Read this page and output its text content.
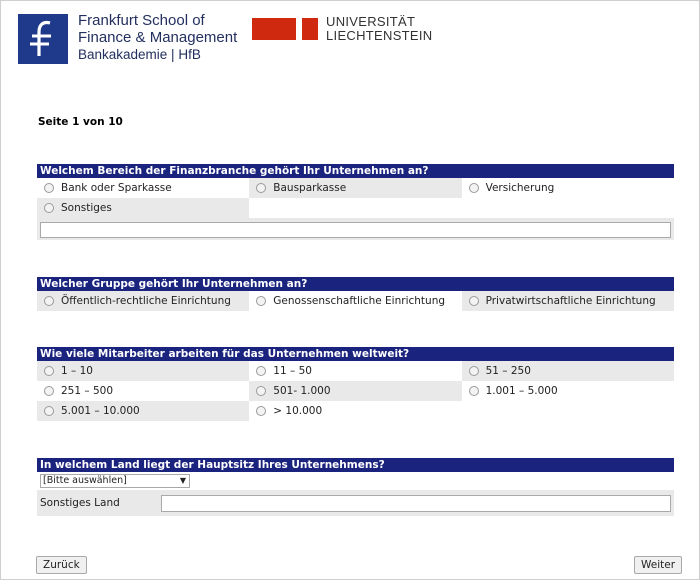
Frankfurt School of
Finance & Management
Bankakademie | HfB
UNIVERSITÄT
LIECHTENSTEIN
Seite 1 von 10
Welchem Bereich der Finanzbranche gehört Ihr Unternehmen an?
Bank oder Sparkasse	Bausparkasse	Versicherung
Sonstiges
Welcher Gruppe gehört Ihr Unternehmen an?
Öffentlich-rechtliche Einrichtung	Genossenschaftliche Einrichtung	Privatwirtschaftliche Einrichtung
Wie viele Mitarbeiter arbeiten für das Unternehmen weltweit?
1 – 10	11 – 50	51 – 250
251 – 500	501- 1.000	1.001 – 5.000
5.001 – 10.000	> 10.000
In welchem Land liegt der Hauptsitz Ihres Unternehmens?
[Bitte auswählen]	▼
Sonstiges Land
Zurück	Weiter
